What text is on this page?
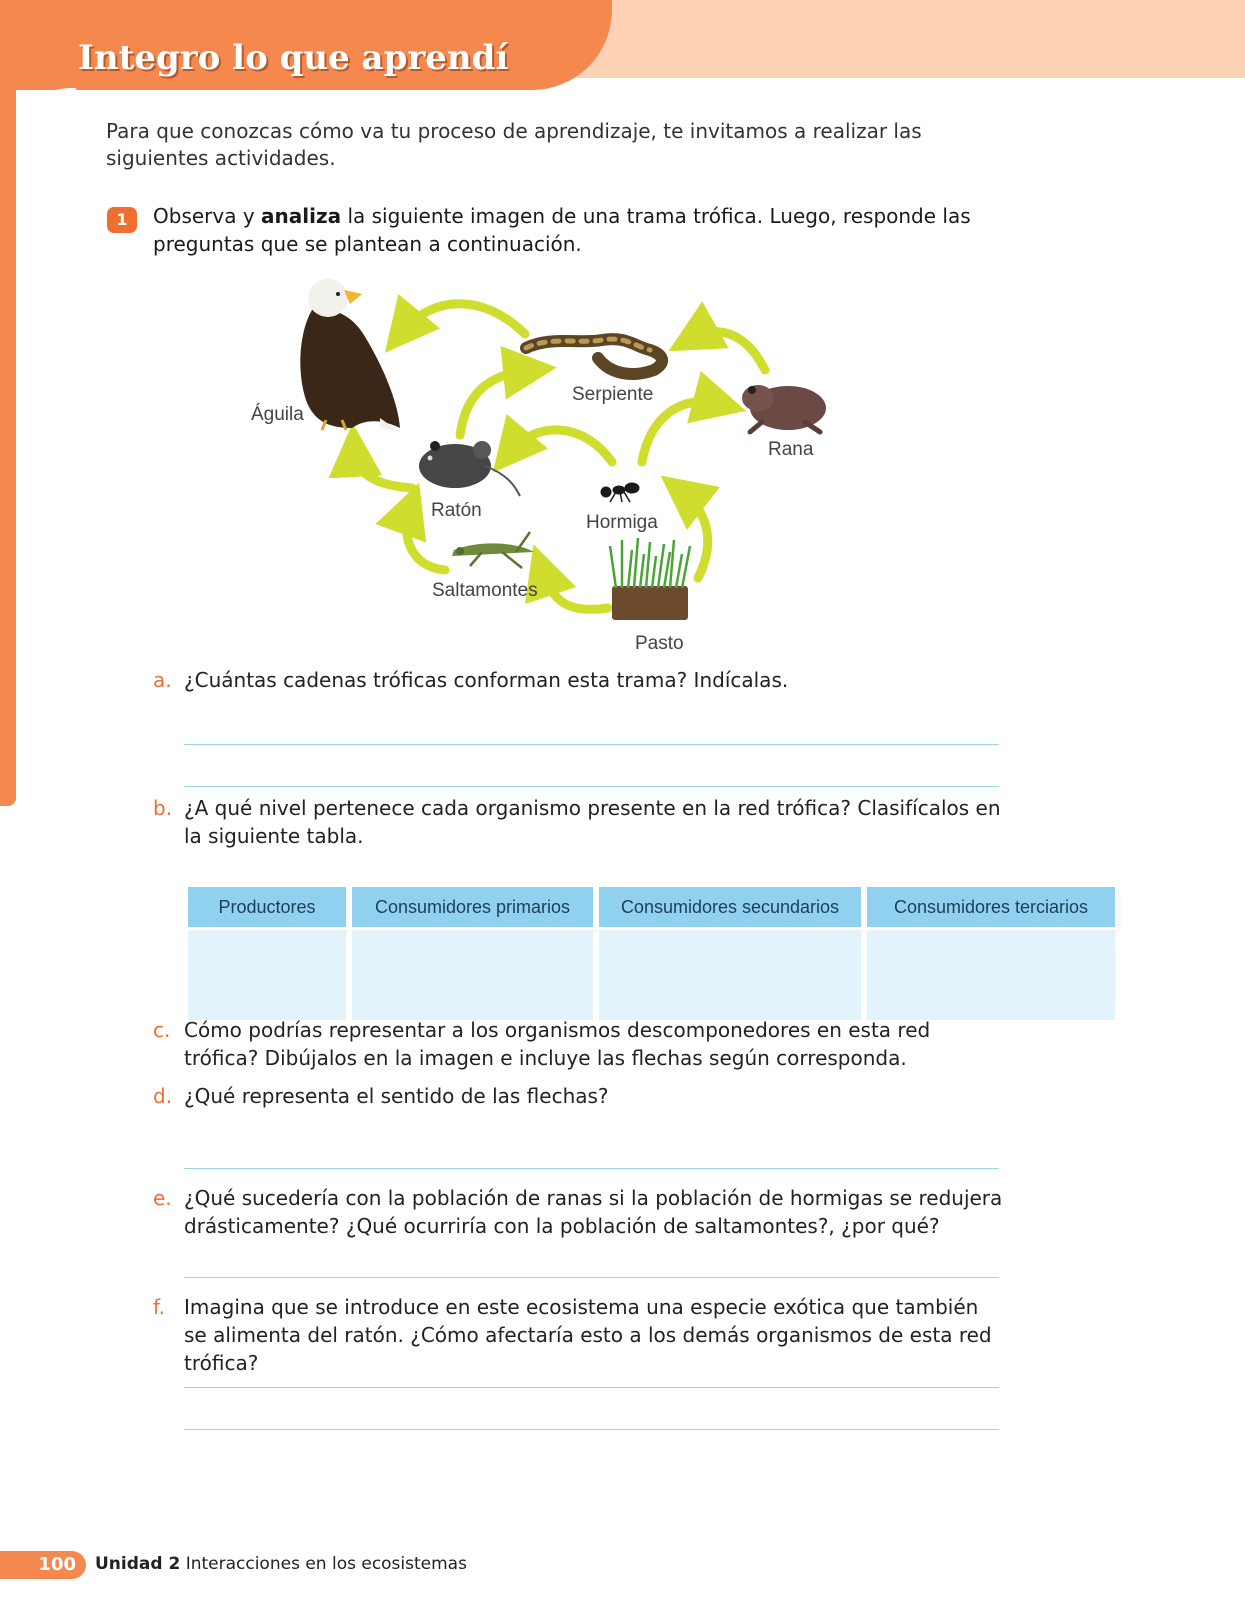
Integro lo que aprendí
Para que conozcas cómo va tu proceso de aprendizaje, te invitamos a realizar las siguientes actividades.
1	Observa y analiza la siguiente imagen de una trama trófica. Luego, responde las preguntas que se plantean a continuación.
Águila
Serpiente
Rana
Ratón
Hormiga
Saltamontes
Pasto
a. ¿Cuántas cadenas tróficas conforman esta trama? Indícalas.
b. ¿A qué nivel pertenece cada organismo presente en la red trófica? Clasifícalos en la siguiente tabla.
Productores	Consumidores primarios	Consumidores secundarios	Consumidores terciarios
c. Cómo podrías representar a los organismos descomponedores en esta red trófica? Dibújalos en la imagen e incluye las flechas según corresponda.
d. ¿Qué representa el sentido de las flechas?
e. ¿Qué sucedería con la población de ranas si la población de hormigas se redujera drásticamente? ¿Qué ocurriría con la población de saltamontes?, ¿por qué?
f. Imagina que se introduce en este ecosistema una especie exótica que también se alimenta del ratón. ¿Cómo afectaría esto a los demás organismos de esta red trófica?
100	Unidad 2 Interacciones en los ecosistemas
